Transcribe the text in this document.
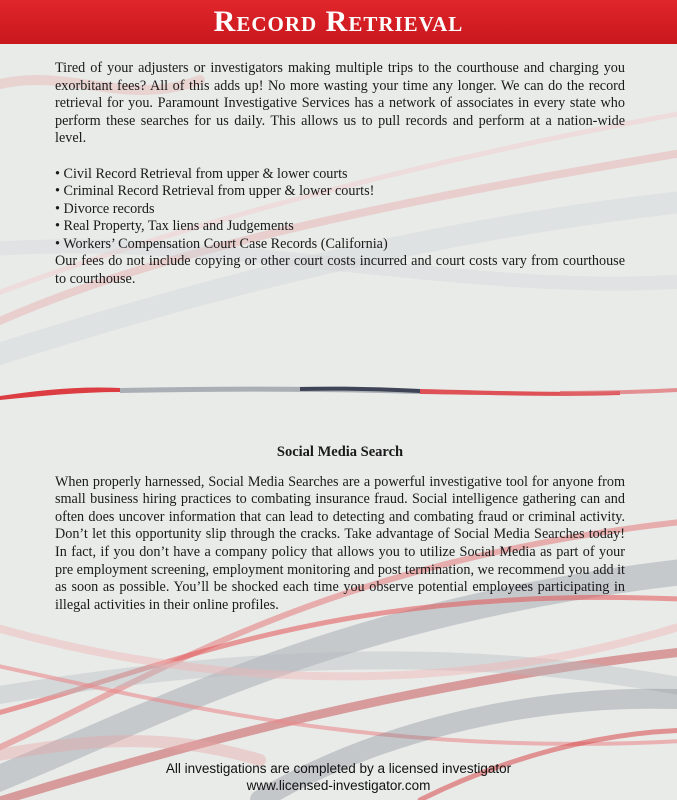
Record Retrieval

Tired of your adjusters or investigators making multiple trips to the courthouse and charging you exorbitant fees? All of this adds up! No more wasting your time any longer. We can do the record retrieval for you. Paramount Investigative Services has a network of associates in every state who perform these searches for us daily. This allows us to pull records and perform at a nation-wide level.

• Civil Record Retrieval from upper & lower courts

• Criminal Record Retrieval from upper & lower courts!

• Divorce records

• Real Property, Tax liens and Judgements

• Workers’ Compensation Court Case Records (California)

Our fees do not include copying or other court costs incurred and court costs vary from courthouse to courthouse.

Social Media Search

When properly harnessed, Social Media Searches are a powerful investigative tool for anyone from small business hiring practices to combating insurance fraud. Social intelligence gathering can and often does uncover information that can lead to detecting and combating fraud or criminal activity. Don’t let this opportunity slip through the cracks. Take advantage of Social Media Searches today! In fact, if you don’t have a company policy that allows you to utilize Social Media as part of your pre employment screening, employment monitoring and post termination, we recommend you add it as soon as possible. You’ll be shocked each time you observe potential employees participating in illegal activities in their online profiles.

All investigations are completed by a licensed investigator
www.licensed-investigator.com
